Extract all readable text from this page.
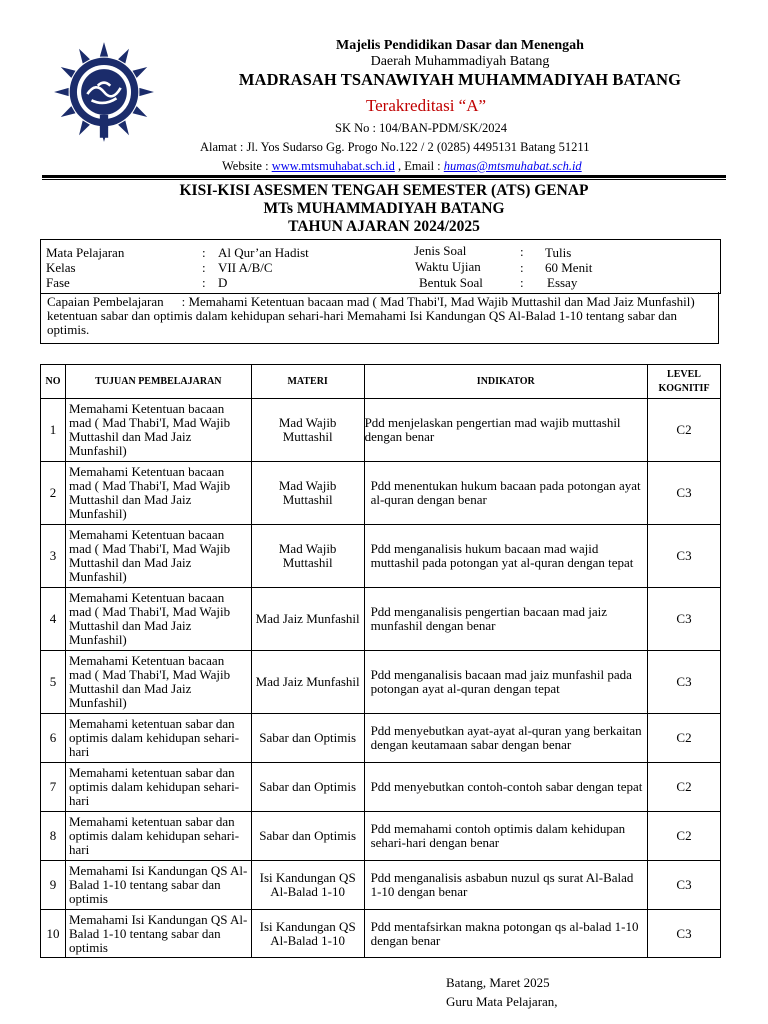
Majelis Pendidikan Dasar dan Menengah
Daerah Muhammadiyah Batang
MADRASAH TSANAWIYAH MUHAMMADIYAH BATANG
Terakreditasi “A”
SK No : 104/BAN-PDM/SK/2024
Alamat : Jl. Yos Sudarso Gg. Progo No.122 / 2 (0285) 4495131 Batang 51211
Website : www.mtsmuhabat.sch.id , Email : humas@mtsmuhabat.sch.id
KISI-KISI ASESMEN TENGAH SEMESTER (ATS) GENAP
MTs MUHAMMADIYAH BATANG
TAHUN AJARAN 2024/2025
Mata Pelajaran	: Al Qur’an Hadist
Kelas	: VII A/B/C
Fase	: D
Jenis Soal	: Tulis
Waktu Ujian	: 60 Menit
Bentuk Soal	: Essay
Capaian Pembelajaran : Memahami Ketentuan bacaan mad ( Mad Thabi'I, Mad Wajib Muttashil dan Mad Jaiz Munfashil) ketentuan sabar dan optimis dalam kehidupan sehari-hari Memahami Isi Kandungan QS Al-Balad 1-10 tentang sabar dan optimis.
NO	TUJUAN PEMBELAJARAN	MATERI	INDIKATOR	LEVEL KOGNITIF
1	Memahami Ketentuan bacaan mad ( Mad Thabi'I, Mad Wajib Muttashil dan Mad Jaiz Munfashil)	Mad Wajib Muttashil	Pdd menjelaskan pengertian mad wajib muttashil dengan benar	C2
2	Memahami Ketentuan bacaan mad ( Mad Thabi'I, Mad Wajib Muttashil dan Mad Jaiz Munfashil)	Mad Wajib Muttashil	Pdd menentukan hukum bacaan pada potongan ayat al-quran dengan benar	C3
3	Memahami Ketentuan bacaan mad ( Mad Thabi'I, Mad Wajib Muttashil dan Mad Jaiz Munfashil)	Mad Wajib Muttashil	Pdd menganalisis hukum bacaan mad wajid muttashil pada potongan yat al-quran dengan tepat	C3
4	Memahami Ketentuan bacaan mad ( Mad Thabi'I, Mad Wajib Muttashil dan Mad Jaiz Munfashil)	Mad Jaiz Munfashil	Pdd menganalisis pengertian bacaan mad jaiz munfashil dengan benar	C3
5	Memahami Ketentuan bacaan mad ( Mad Thabi'I, Mad Wajib Muttashil dan Mad Jaiz Munfashil)	Mad Jaiz Munfashil	Pdd menganalisis bacaan mad jaiz munfashil pada potongan ayat al-quran dengan tepat	C3
6	Memahami ketentuan sabar dan optimis dalam kehidupan sehari-hari	Sabar dan Optimis	Pdd menyebutkan ayat-ayat al-quran yang berkaitan dengan keutamaan sabar dengan benar	C2
7	Memahami ketentuan sabar dan optimis dalam kehidupan sehari-hari	Sabar dan Optimis	Pdd menyebutkan contoh-contoh sabar dengan tepat	C2
8	Memahami ketentuan sabar dan optimis dalam kehidupan sehari-hari	Sabar dan Optimis	Pdd memahami contoh optimis dalam kehidupan sehari-hari dengan benar	C2
9	Memahami Isi Kandungan QS Al-Balad 1-10 tentang sabar dan optimis	Isi Kandungan QS Al-Balad 1-10	Pdd menganalisis asbabun nuzul qs surat Al-Balad 1-10 dengan benar	C3
10	Memahami Isi Kandungan QS Al-Balad 1-10 tentang sabar dan optimis	Isi Kandungan QS Al-Balad 1-10	Pdd mentafsirkan makna potongan qs al-balad 1-10 dengan benar	C3
Batang, Maret 2025
Guru Mata Pelajaran,
